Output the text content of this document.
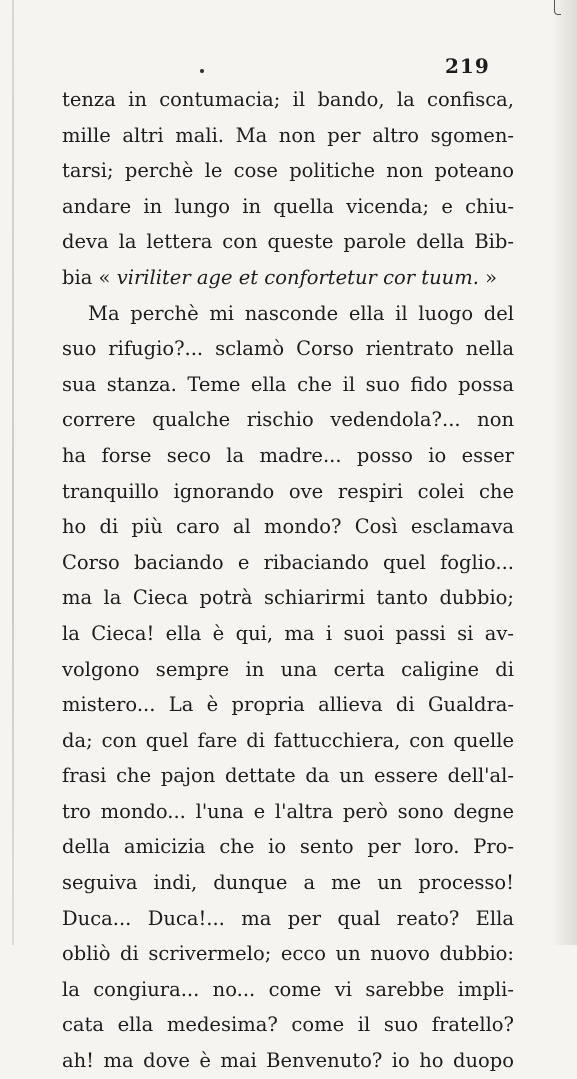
219
tenza in contumacia; il bando, la confisca,
mille altri mali. Ma non per altro sgomen-
tarsi; perchè le cose politiche non poteano
andare in lungo in quella vicenda; e chiu-
deva la lettera con queste parole della Bib-
bia « viriliter age et confortetur cor tuum. »
Ma perchè mi nasconde ella il luogo del
suo rifugio?... sclamò Corso rientrato nella
sua stanza. Teme ella che il suo fido possa
correre qualche rischio vedendola?... non
ha forse seco la madre... posso io esser
tranquillo ignorando ove respiri colei che
ho di più caro al mondo? Così esclamava
Corso baciando e ribaciando quel foglio...
ma la Cieca potrà schiarirmi tanto dubbio;
la Cieca! ella è qui, ma i suoi passi si av-
volgono sempre in una certa caligine di
mistero... La è propria allieva di Gualdra-
da; con quel fare di fattucchiera, con quelle
frasi che pajon dettate da un essere dell'al-
tro mondo... l'una e l'altra però sono degne
della amicizia che io sento per loro. Pro-
seguiva indi, dunque a me un processo!
Duca... Duca!... ma per qual reato? Ella
obliò di scrivermelo; ecco un nuovo dubbio:
la congiura... no... come vi sarebbe impli-
cata ella medesima? come il suo fratello?
ah! ma dove è mai Benvenuto? io ho duopo
